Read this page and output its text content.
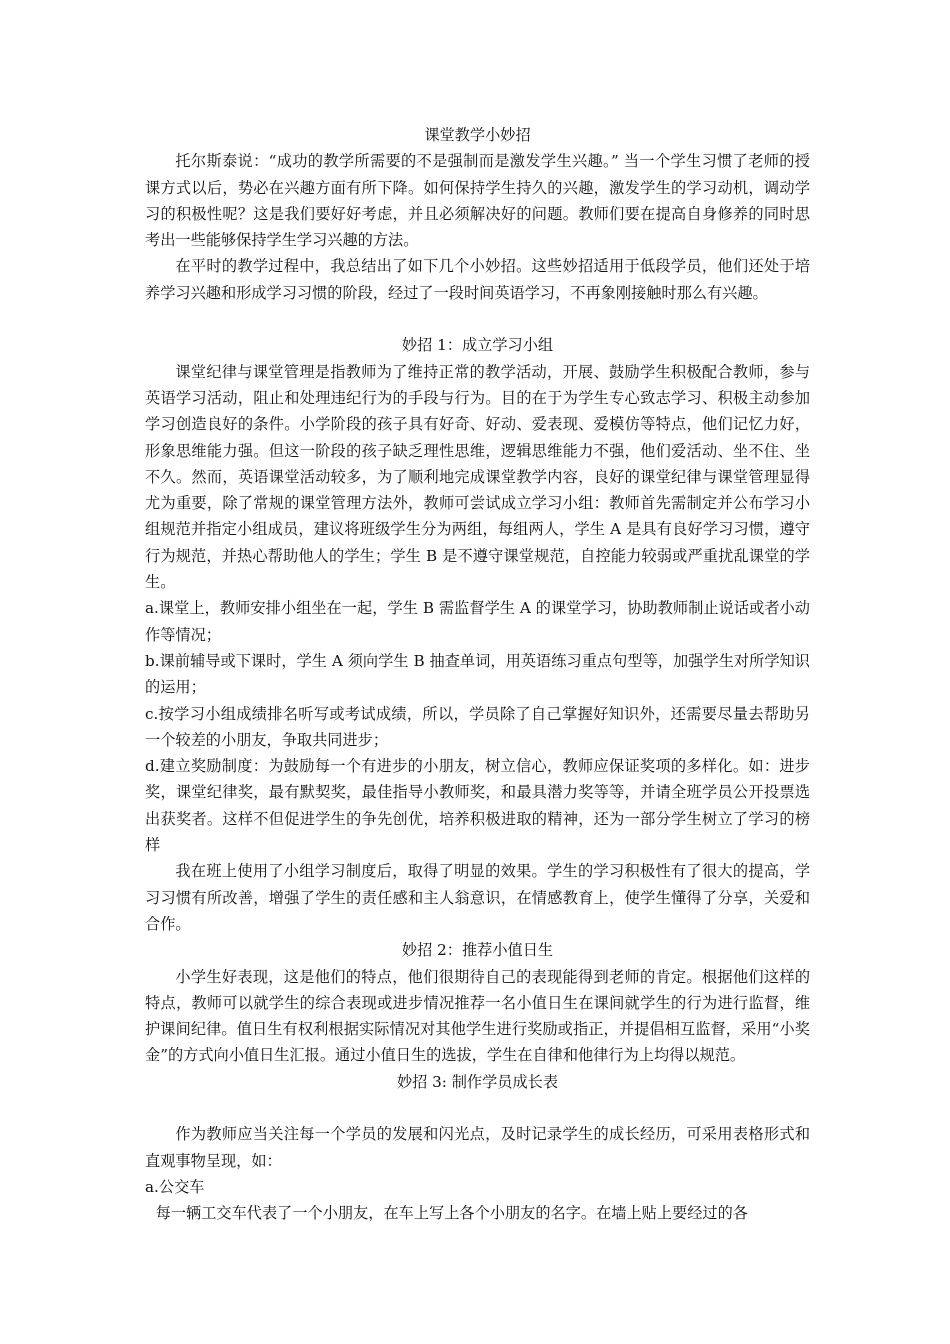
课堂教学小妙招

托尔斯泰说：“成功的教学所需要的不是强制而是激发学生兴趣。” 当一个学生习惯了老师的授课方式以后，势必在兴趣方面有所下降。如何保持学生持久的兴趣，激发学生的学习动机，调动学习的积极性呢？这是我们要好好考虑，并且必须解决好的问题。教师们要在提高自身修养的同时思考出一些能够保持学生学习兴趣的方法。

在平时的教学过程中，我总结出了如下几个小妙招。这些妙招适用于低段学员，他们还处于培养学习兴趣和形成学习习惯的阶段，经过了一段时间英语学习，不再象刚接触时那么有兴趣。

妙招 1：成立学习小组

课堂纪律与课堂管理是指教师为了维持正常的教学活动，开展、鼓励学生积极配合教师，参与英语学习活动，阻止和处理违纪行为的手段与行为。目的在于为学生专心致志学习、积极主动参加学习创造良好的条件。小学阶段的孩子具有好奇、好动、爱表现、爱模仿等特点，他们记忆力好，形象思维能力强。但这一阶段的孩子缺乏理性思维，逻辑思维能力不强，他们爱活动、坐不住、坐不久。然而，英语课堂活动较多，为了顺利地完成课堂教学内容，良好的课堂纪律与课堂管理显得尤为重要，除了常规的课堂管理方法外，教师可尝试成立学习小组：教师首先需制定并公布学习小组规范并指定小组成员，建议将班级学生分为两组，每组两人，学生 A 是具有良好学习习惯，遵守行为规范，并热心帮助他人的学生；学生 B 是不遵守课堂规范，自控能力较弱或严重扰乱课堂的学生。

a.课堂上，教师安排小组坐在一起，学生 B 需监督学生 A 的课堂学习，协助教师制止说话或者小动作等情况；

b.课前辅导或下课时，学生 A 须向学生 B 抽查单词，用英语练习重点句型等，加强学生对所学知识的运用；

c.按学习小组成绩排名听写或考试成绩，所以，学员除了自己掌握好知识外，还需要尽量去帮助另一个较差的小朋友，争取共同进步；

d.建立奖励制度：为鼓励每一个有进步的小朋友，树立信心，教师应保证奖项的多样化。如：进步奖，课堂纪律奖，最有默契奖，最佳指导小教师奖，和最具潜力奖等等，并请全班学员公开投票选出获奖者。这样不但促进学生的争先创优，培养积极进取的精神，还为一部分学生树立了学习的榜样

我在班上使用了小组学习制度后，取得了明显的效果。学生的学习积极性有了很大的提高，学习习惯有所改善，增强了学生的责任感和主人翁意识，在情感教育上，使学生懂得了分享，关爱和合作。

妙招 2：推荐小值日生

小学生好表现，这是他们的特点，他们很期待自己的表现能得到老师的肯定。根据他们这样的特点，教师可以就学生的综合表现或进步情况推荐一名小值日生在课间就学生的行为进行监督，维护课间纪律。值日生有权利根据实际情况对其他学生进行奖励或指正，并提倡相互监督，采用“小奖金”的方式向小值日生汇报。通过小值日生的选拔，学生在自律和他律行为上均得以规范。

妙招 3: 制作学员成长表

作为教师应当关注每一个学员的发展和闪光点，及时记录学生的成长经历，可采用表格形式和直观事物呈现，如：

a.公交车

每一辆工交车代表了一个小朋友，在车上写上各个小朋友的名字。在墙上贴上要经过的各
